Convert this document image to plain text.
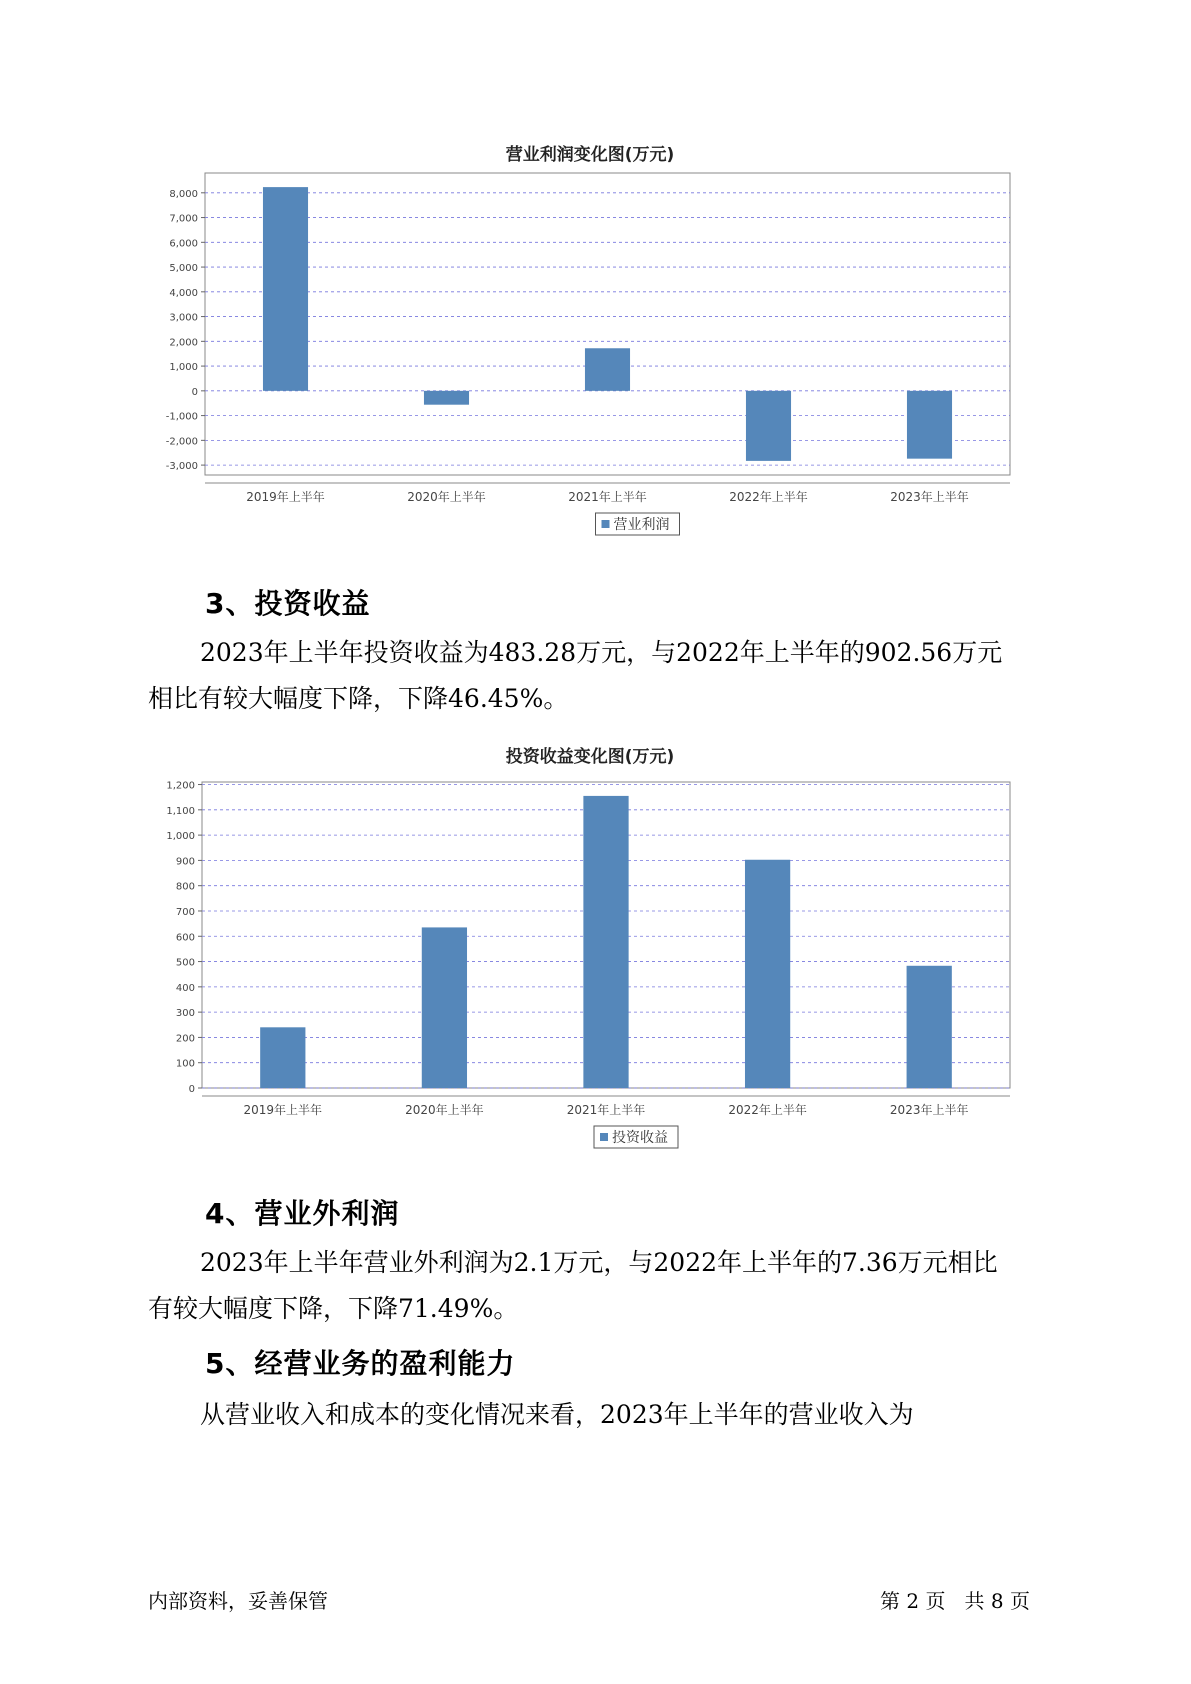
营业利润变化图(万元)
-3,000
-2,000
-1,000
0
1,000
2,000
3,000
4,000
5,000
6,000
7,000
8,000
2019年上半年	2020年上半年	2021年上半年	2022年上半年	2023年上半年
营业利润
3、投资收益

2023年上半年投资收益为483.28万元，与2022年上半年的902.56万元

相比有较大幅度下降，下降46.45%。

投资收益变化图(万元)
0
100
200
300
400
500
600
700
800
900
1,000
1,100
1,200
2019年上半年	2020年上半年	2021年上半年	2022年上半年	2023年上半年
投资收益
4、营业外利润

2023年上半年营业外利润为2.1万元，与2022年上半年的7.36万元相比

有较大幅度下降，下降71.49%。

5、经营业务的盈利能力

从营业收入和成本的变化情况来看，2023年上半年的营业收入为

内部资料，妥善保管	第 2 页   共 8 页
